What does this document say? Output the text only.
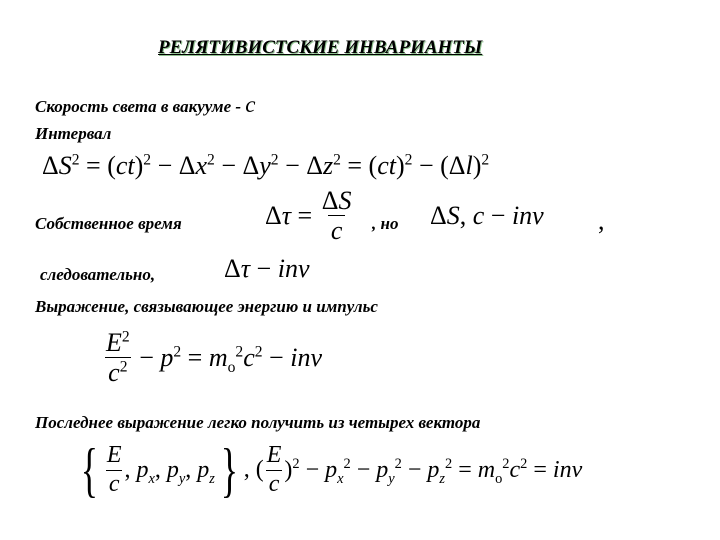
РЕЛЯТИВИСТСКИЕ ИНВАРИАНТЫ
Скорость света в вакууме - c
Интервал
$\Delta S^2 = (ct)^2 - \Delta x^2 - \Delta y^2 - \Delta z^2 = (ct)^2 - (\Delta l)^2$
Собственное время	$\Delta\tau = \frac{\Delta S}{c}$ , но ΔS, c − inv ,
следовательно,	Δτ − inv
Выражение, связывающее энергию и импульс
$\frac{E^2}{c^2} - p^2 = m_o^2c^2$ − inv
Последнее выражение легко получить из четырех вектора
{ $\frac{E}{c}$ , $p_x$, $p_y$, $p_z$} , ( $\frac{E}{c} )^2 - p_x^2 - p_y^2 - p_z^2 = m_o^2c^2$ = inv
